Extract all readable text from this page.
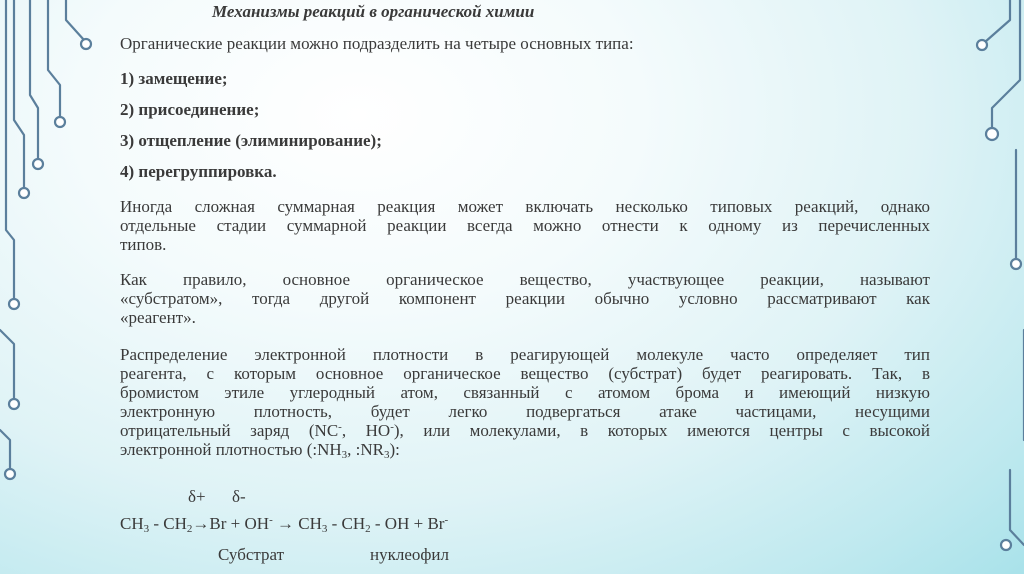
Механизмы реакций в органической химии
Органические реакции можно подразделить на четыре основных типа:
1) замещение;
2) присоединение;
3) отщепление (элиминирование);
4) перегруппировка.
Иногда сложная суммарная реакция может включать несколько типовых реакций, однако
отдельные стадии суммарной реакции всегда можно отнести к одному из перечисленных
типов.
Как правило, основное органическое вещество, участвующее реакции, называют
«субстратом», тогда другой компонент реакции обычно условно рассматривают как
«реагент».
Распределение электронной плотности в реагирующей молекуле часто определяет тип
реагента, с которым основное органическое вещество (субстрат) будет реагировать. Так, в
бромистом этиле углеродный атом, связанный с атомом брома и имеющий низкую
электронную плотность, будет легко подвергаться атаке частицами, несущими
отрицательный заряд (NC-, HO-), или молекулами, в которых имеются центры с высокой
электронной плотностью ($:NH_3$, $:NR_3$):
δ+ δ-
$CH_3 - CH_2\to Br + OH^- \to CH_3 - CH_2$ - OH + Br-
Субстрат	нуклеофил
